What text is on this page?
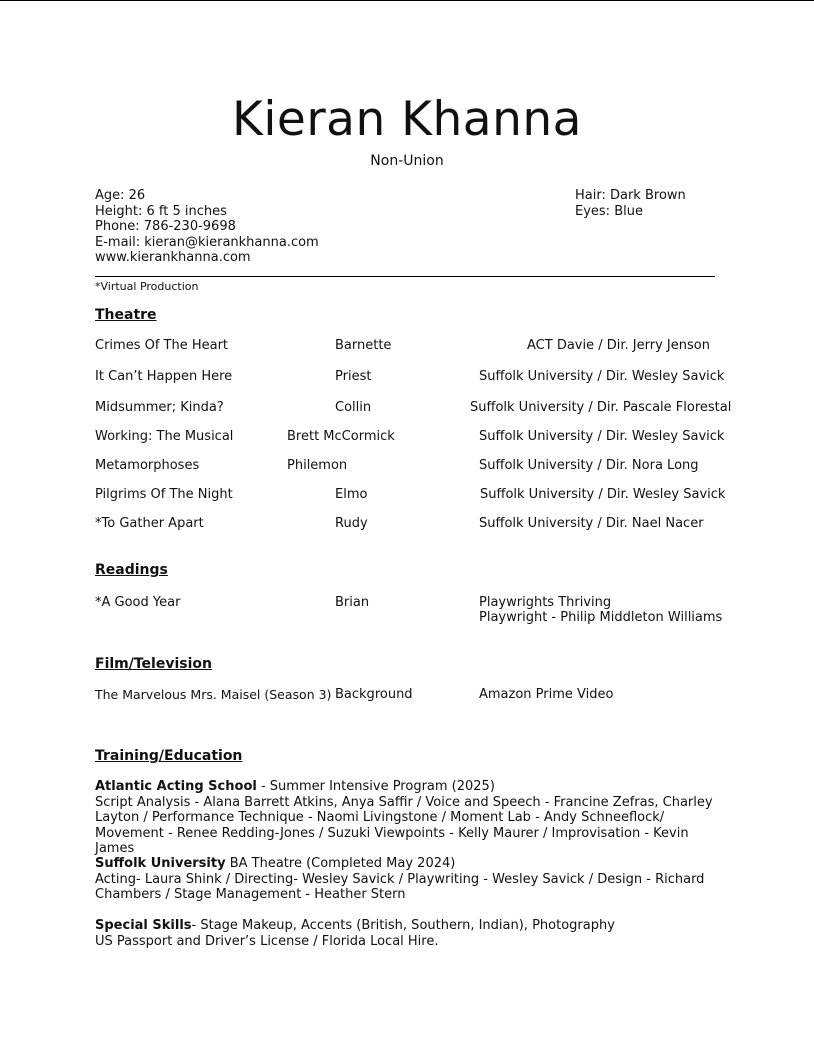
Kieran Khanna
Non-Union
Age: 26
Height: 6 ft 5 inches
Phone: 786-230-9698
E-mail: kieran@kierankhanna.com
www.kierankhanna.com
Hair: Dark Brown
Eyes: Blue
*Virtual Production
Theatre
Crimes Of The Heart	Barnette	ACT Davie / Dir. Jerry Jenson
It Can’t Happen Here	Priest	Suffolk University / Dir. Wesley Savick
Midsummer; Kinda?	Collin	Suffolk University / Dir. Pascale Florestal
Working: The Musical	Brett McCormick	Suffolk University / Dir. Wesley Savick
Metamorphoses	Philemon	Suffolk University / Dir. Nora Long
Pilgrims Of The Night	Elmo	Suffolk University / Dir. Wesley Savick
*To Gather Apart	Rudy	Suffolk University / Dir. Nael Nacer
Readings
*A Good Year	Brian	Playwrights Thriving
Playwright - Philip Middleton Williams
Film/Television
The Marvelous Mrs. Maisel (Season 3) Background	Amazon Prime Video
Training/Education
Atlantic Acting School - Summer Intensive Program (2025)
Script Analysis - Alana Barrett Atkins, Anya Saffir / Voice and Speech - Francine Zefras, Charley Layton / Performance Technique - Naomi Livingstone / Moment Lab - Andy Schneeflock/ Movement - Renee Redding-Jones / Suzuki Viewpoints - Kelly Maurer / Improvisation - Kevin James
Suffolk University BA Theatre (Completed May 2024)
Acting- Laura Shink / Directing- Wesley Savick / Playwriting - Wesley Savick / Design - Richard Chambers / Stage Management - Heather Stern
Special Skills- Stage Makeup, Accents (British, Southern, Indian), Photography
US Passport and Driver’s License / Florida Local Hire.
